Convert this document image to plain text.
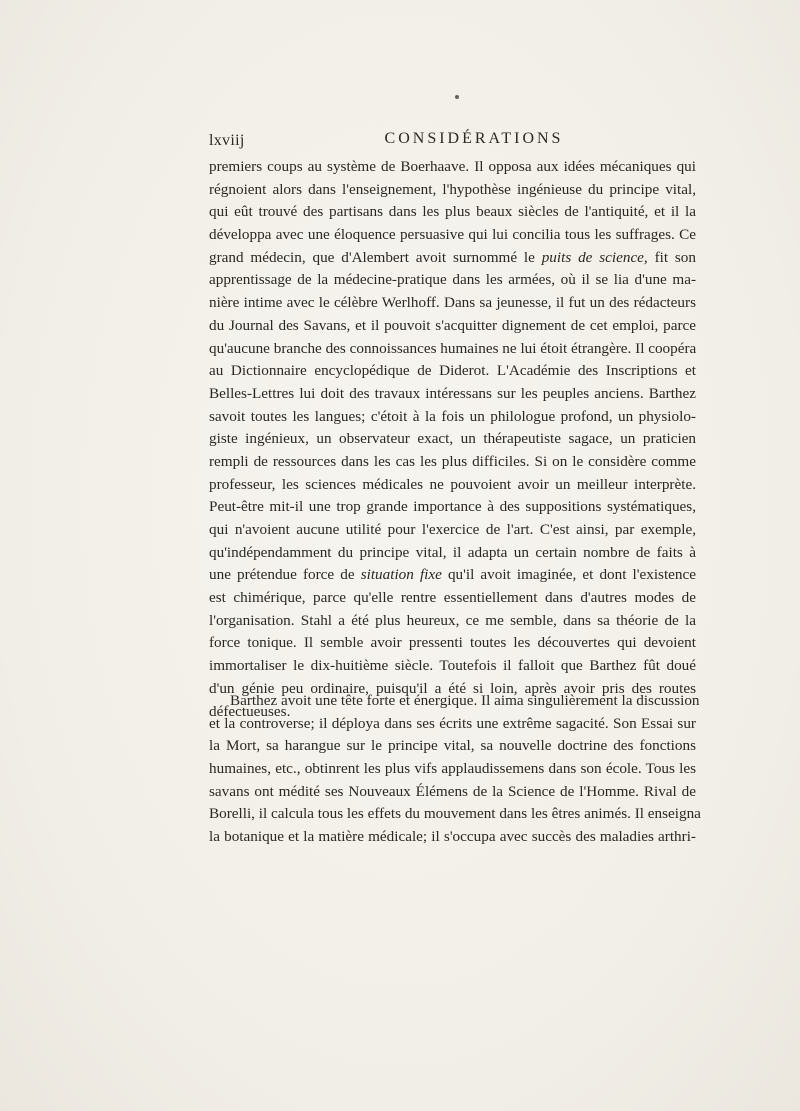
lxviij	CONSIDÉRATIONS
premiers coups au système de Boerhaave. Il opposa aux idées mécaniques qui
régnoient alors dans l'enseignement, l'hypothèse ingénieuse du principe vital,
qui eût trouvé des partisans dans les plus beaux siècles de l'antiquité, et il la
développa avec une éloquence persuasive qui lui concilia tous les suffrages. Ce
grand médecin, que d'Alembert avoit surnommé le puits de science, fit son
apprentissage de la médecine-pratique dans les armées, où il se lia d'une ma-
nière intime avec le célèbre Werlhoff. Dans sa jeunesse, il fut un des rédacteurs
du Journal des Savans, et il pouvoit s'acquitter dignement de cet emploi, parce
qu'aucune branche des connoissances humaines ne lui étoit étrangère. Il coopéra
au Dictionnaire encyclopédique de Diderot. L'Académie des Inscriptions et
Belles-Lettres lui doit des travaux intéressans sur les peuples anciens. Barthez
savoit toutes les langues; c'étoit à la fois un philologue profond, un physiolo-
giste ingénieux, un observateur exact, un thérapeutiste sagace, un praticien
rempli de ressources dans les cas les plus difficiles. Si on le considère comme
professeur, les sciences médicales ne pouvoient avoir un meilleur interprète.
Peut-être mit-il une trop grande importance à des suppositions systématiques,
qui n'avoient aucune utilité pour l'exercice de l'art. C'est ainsi, par exemple,
qu'indépendamment du principe vital, il adapta un certain nombre de faits à
une prétendue force de situation fixe qu'il avoit imaginée, et dont l'existence
est chimérique, parce qu'elle rentre essentiellement dans d'autres modes de
l'organisation. Stahl a été plus heureux, ce me semble, dans sa théorie de la
force tonique. Il semble avoir pressenti toutes les découvertes qui devoient
immortaliser le dix-huitième siècle. Toutefois il falloit que Barthez fût doué
d'un génie peu ordinaire, puisqu'il a été si loin, après avoir pris des routes
défectueuses.
Barthez avoit une tête forte et énergique. Il aima singulièrement la discussion
et la controverse; il déploya dans ses écrits une extrême sagacité. Son Essai sur
la Mort, sa harangue sur le principe vital, sa nouvelle doctrine des fonctions
humaines, etc., obtinrent les plus vifs applaudissemens dans son école. Tous les
savans ont médité ses Nouveaux Élémens de la Science de l'Homme. Rival de
Borelli, il calcula tous les effets du mouvement dans les êtres animés. Il enseigna
la botanique et la matière médicale; il s'occupa avec succès des maladies arthri-
